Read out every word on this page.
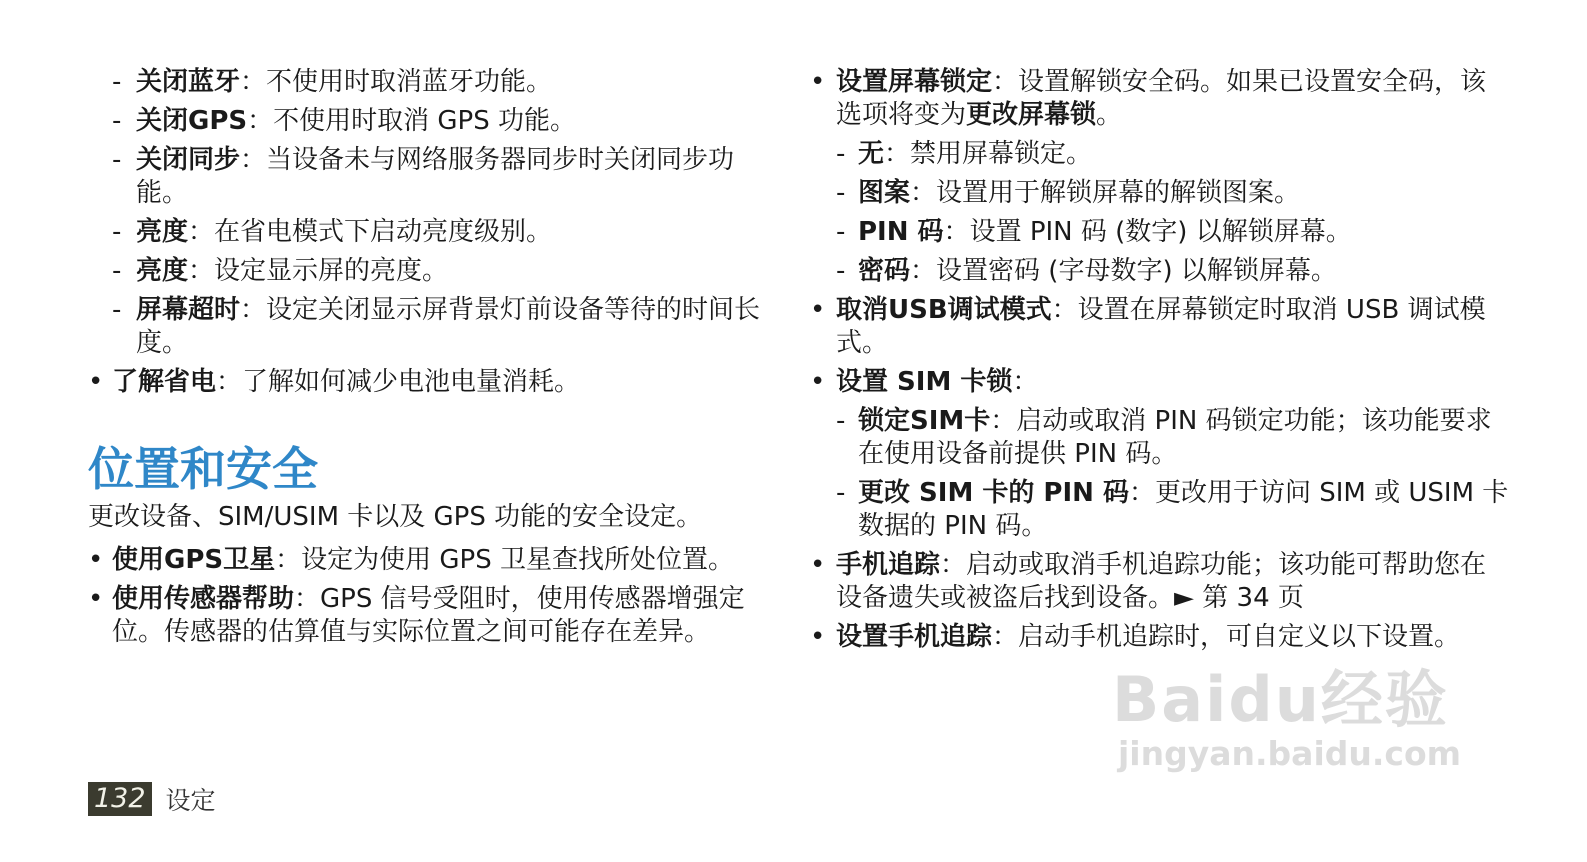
- 关闭蓝牙：不使用时取消蓝牙功能。
- 关闭GPS：不使用时取消 GPS 功能。
- 关闭同步：当设备未与网络服务器同步时关闭同步功能。
- 亮度：在省电模式下启动亮度级别。
- 亮度：设定显示屏的亮度。
- 屏幕超时：设定关闭显示屏背景灯前设备等待的时间长度。
• 了解省电：了解如何减少电池电量消耗。
位置和安全
更改设备、SIM/USIM 卡以及 GPS 功能的安全设定。
• 使用GPS卫星：设定为使用 GPS 卫星查找所处位置。
• 使用传感器帮助：GPS 信号受阻时，使用传感器增强定位。传感器的估算值与实际位置之间可能存在差异。
• 设置屏幕锁定：设置解锁安全码。如果已设置安全码，该选项将变为更改屏幕锁。
- 无：禁用屏幕锁定。
- 图案：设置用于解锁屏幕的解锁图案。
- PIN 码：设置 PIN 码 (数字) 以解锁屏幕。
- 密码：设置密码 (字母数字) 以解锁屏幕。
• 取消USB调试模式：设置在屏幕锁定时取消 USB 调试模式。
• 设置 SIM 卡锁：
- 锁定SIM卡：启动或取消 PIN 码锁定功能；该功能要求在使用设备前提供 PIN 码。
- 更改 SIM 卡的 PIN 码：更改用于访问 SIM 或 USIM 卡数据的 PIN 码。
• 手机追踪：启动或取消手机追踪功能；该功能可帮助您在设备遗失或被盗后找到设备。► 第 34 页
• 设置手机追踪：启动手机追踪时，可自定义以下设置。
132 设定
Baidu经验
jingyan.baidu.com
